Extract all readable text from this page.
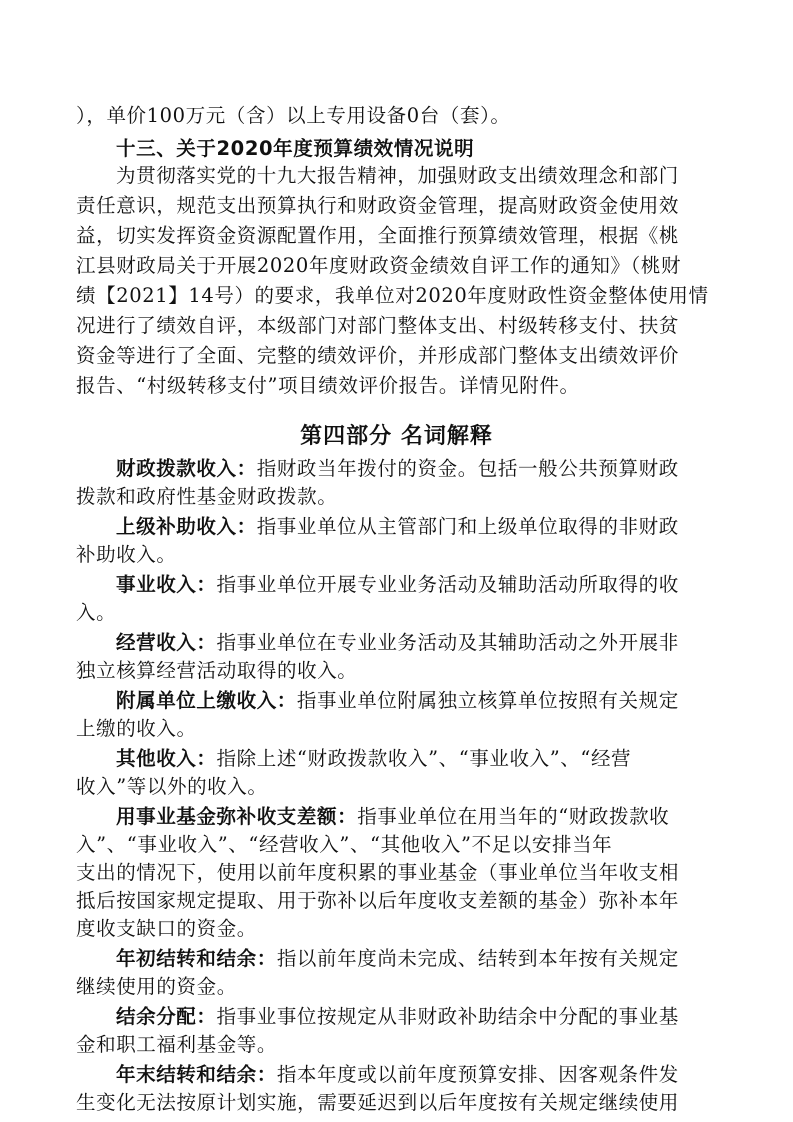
），单价100万元（含）以上专用设备0台（套）。
十三、关于2020年度预算绩效情况说明
为贯彻落实党的十九大报告精神，加强财政支出绩效理念和部门
责任意识，规范支出预算执行和财政资金管理，提高财政资金使用效
益，切实发挥资金资源配置作用，全面推行预算绩效管理，根据《桃
江县财政局关于开展2020年度财政资金绩效自评工作的通知》（桃财
绩【2021】14号）的要求，我单位对2020年度财政性资金整体使用情
况进行了绩效自评，本级部门对部门整体支出、村级转移支付、扶贫
资金等进行了全面、完整的绩效评价，并形成部门整体支出绩效评价
报告、“村级转移支付”项目绩效评价报告。详情见附件。
第四部分 名词解释
财政拨款收入：指财政当年拨付的资金。包括一般公共预算财政
拨款和政府性基金财政拨款。
上级补助收入：指事业单位从主管部门和上级单位取得的非财政
补助收入。
事业收入：指事业单位开展专业业务活动及辅助活动所取得的收
入。
经营收入：指事业单位在专业业务活动及其辅助活动之外开展非
独立核算经营活动取得的收入。
附属单位上缴收入：指事业单位附属独立核算单位按照有关规定
上缴的收入。
其他收入：指除上述“财政拨款收入”、“事业收入”、“经营
收入”等以外的收入。
用事业基金弥补收支差额：指事业单位在用当年的“财政拨款收
入”、“事业收入”、“经营收入”、“其他收入”不足以安排当年
支出的情况下，使用以前年度积累的事业基金（事业单位当年收支相
抵后按国家规定提取、用于弥补以后年度收支差额的基金）弥补本年
度收支缺口的资金。
年初结转和结余：指以前年度尚未完成、结转到本年按有关规定
继续使用的资金。
结余分配：指事业事位按规定从非财政补助结余中分配的事业基
金和职工福利基金等。
年末结转和结余：指本年度或以前年度预算安排、因客观条件发
生变化无法按原计划实施，需要延迟到以后年度按有关规定继续使用
